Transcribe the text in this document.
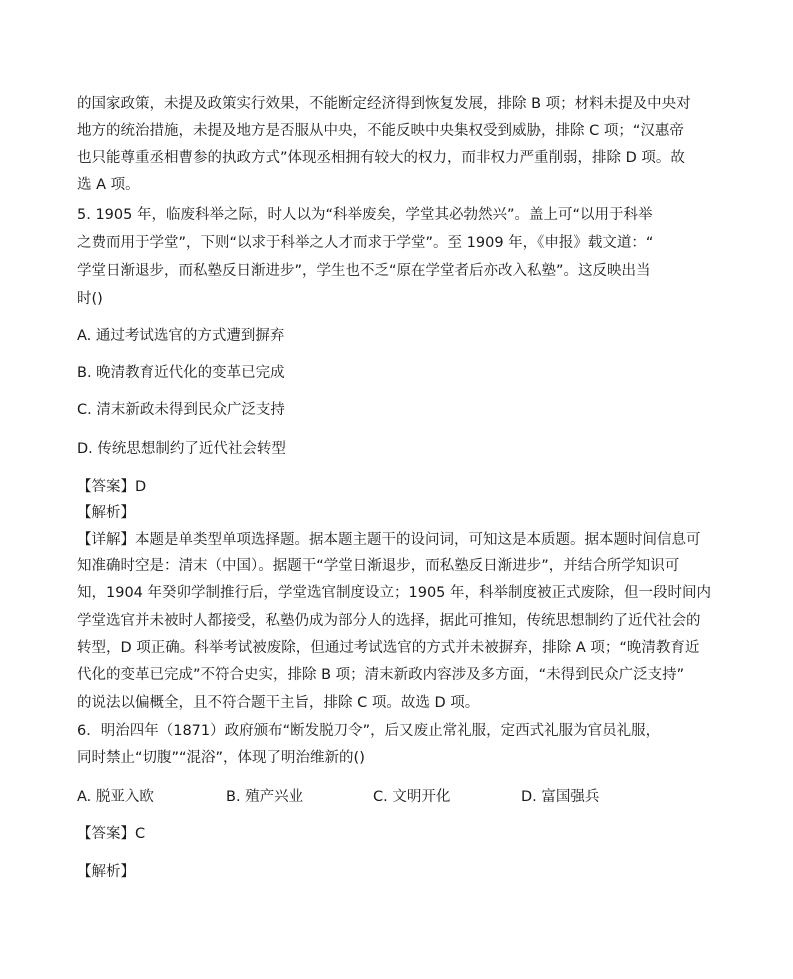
的国家政策，未提及政策实行效果，不能断定经济得到恢复发展，排除 B 项；材料未提及中央对
地方的统治措施，未提及地方是否服从中央，不能反映中央集权受到威胁，排除 C 项；“汉惠帝
也只能尊重丞相曹参的执政方式”体现丞相拥有较大的权力，而非权力严重削弱，排除 D 项。故
选 A 项。
5. 1905 年，临废科举之际，时人以为“科举废矣，学堂其必勃然兴”。盖上可“以用于科举
之费而用于学堂”，下则“以求于科举之人才而求于学堂”。至 1909 年，《申报》载文道：“
学堂日渐退步，而私塾反日渐进步”，学生也不乏“原在学堂者后亦改入私塾”。这反映出当
时()
A. 通过考试选官的方式遭到摒弃
B. 晚清教育近代化的变革已完成
C. 清末新政未得到民众广泛支持
D. 传统思想制约了近代社会转型
【答案】D
【解析】
【详解】本题是单类型单项选择题。据本题主题干的设问词，可知这是本质题。据本题时间信息可
知准确时空是：清末（中国）。据题干“学堂日渐退步，而私塾反日渐进步”，并结合所学知识可
知，1904 年癸卯学制推行后，学堂选官制度设立；1905 年，科举制度被正式废除，但一段时间内
学堂选官并未被时人都接受，私塾仍成为部分人的选择，据此可推知，传统思想制约了近代社会的
转型，D 项正确。科举考试被废除，但通过考试选官的方式并未被摒弃，排除 A 项；“晚清教育近
代化的变革已完成”不符合史实，排除 B 项；清末新政内容涉及多方面，“未得到民众广泛支持”
的说法以偏概全，且不符合题干主旨，排除 C 项。故选 D 项。
6．明治四年（1871）政府颁布“断发脱刀令”，后又废止常礼服，定西式礼服为官员礼服，
同时禁止“切腹”“混浴”，体现了明治维新的()
A. 脱亚入欧	B. 殖产兴业	C. 文明开化	D. 富国强兵
【答案】C
【解析】
